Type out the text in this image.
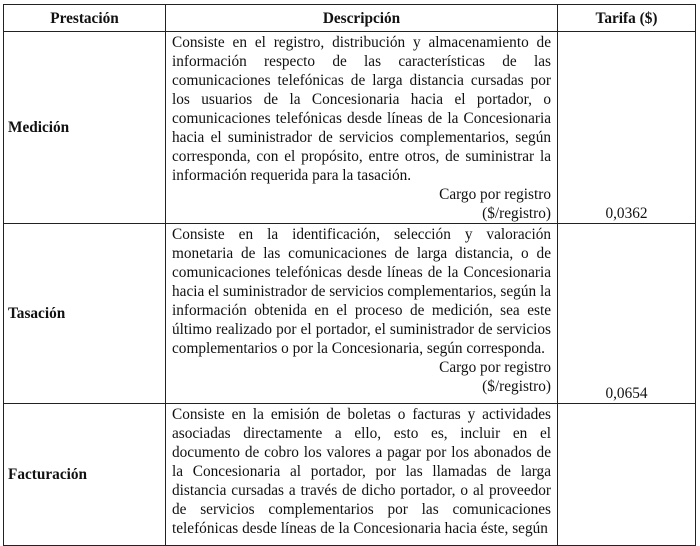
Prestación	Descripción	Tarifa ($)
Medición	Consiste en el registro, distribución y almacenamiento de información respecto de las características de las comunicaciones telefónicas de larga distancia cursadas por los usuarios de la Concesionaria hacia el portador, o comunicaciones telefónicas desde líneas de la Concesionaria hacia el suministrador de servicios complementarios, según corresponda, con el propósito, entre otros, de suministrar la información requerida para la tasación.
Cargo por registro
($/registro)	0,0362
Tasación	Consiste en la identificación, selección y valoración monetaria de las comunicaciones de larga distancia, o de comunicaciones telefónicas desde líneas de la Concesionaria hacia el suministrador de servicios complementarios, según la información obtenida en el proceso de medición, sea este último realizado por el portador, el suministrador de servicios complementarios o por la Concesionaria, según corresponda.
Cargo por registro
($/registro)	0,0654
Facturación	Consiste en la emisión de boletas o facturas y actividades asociadas directamente a ello, esto es, incluir en el documento de cobro los valores a pagar por los abonados de la Concesionaria al portador, por las llamadas de larga distancia cursadas a través de dicho portador, o al proveedor de servicios complementarios por las comunicaciones telefónicas desde líneas de la Concesionaria hacia éste, según	
